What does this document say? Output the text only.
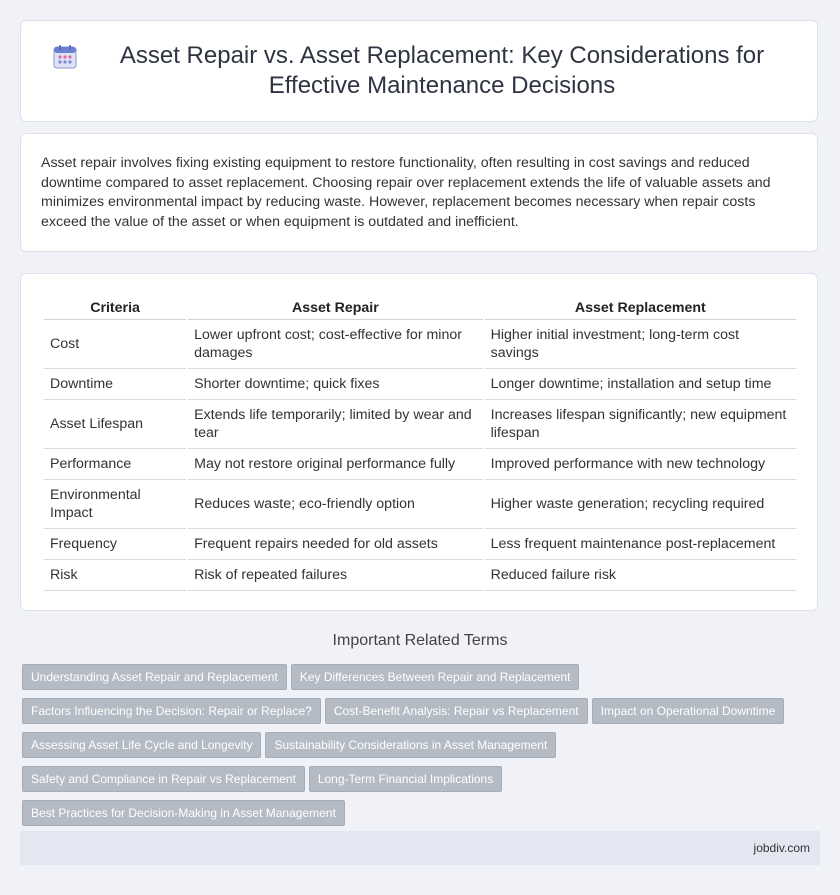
Asset Repair vs. Asset Replacement: Key Considerations for Effective Maintenance Decisions

Asset repair involves fixing existing equipment to restore functionality, often resulting in cost savings and reduced downtime compared to asset replacement. Choosing repair over replacement extends the life of valuable assets and minimizes environmental impact by reducing waste. However, replacement becomes necessary when repair costs exceed the value of the asset or when equipment is outdated and inefficient.

Criteria	Asset Repair	Asset Replacement
Cost	Lower upfront cost; cost-effective for minor damages	Higher initial investment; long-term cost savings
Downtime	Shorter downtime; quick fixes	Longer downtime; installation and setup time
Asset Lifespan	Extends life temporarily; limited by wear and tear	Increases lifespan significantly; new equipment lifespan
Performance	May not restore original performance fully	Improved performance with new technology
Environmental Impact	Reduces waste; eco-friendly option	Higher waste generation; recycling required
Frequency	Frequent repairs needed for old assets	Less frequent maintenance post-replacement
Risk	Risk of repeated failures	Reduced failure risk
Important Related Terms
Understanding Asset Repair and Replacement Key Differences Between Repair and Replacement
Factors Influencing the Decision: Repair or Replace? Cost-Benefit Analysis: Repair vs Replacement Impact on Operational Downtime
Assessing Asset Life Cycle and Longevity Sustainability Considerations in Asset Management
Safety and Compliance in Repair vs Replacement Long-Term Financial Implications
Best Practices for Decision-Making in Asset Management
jobdiv.com
